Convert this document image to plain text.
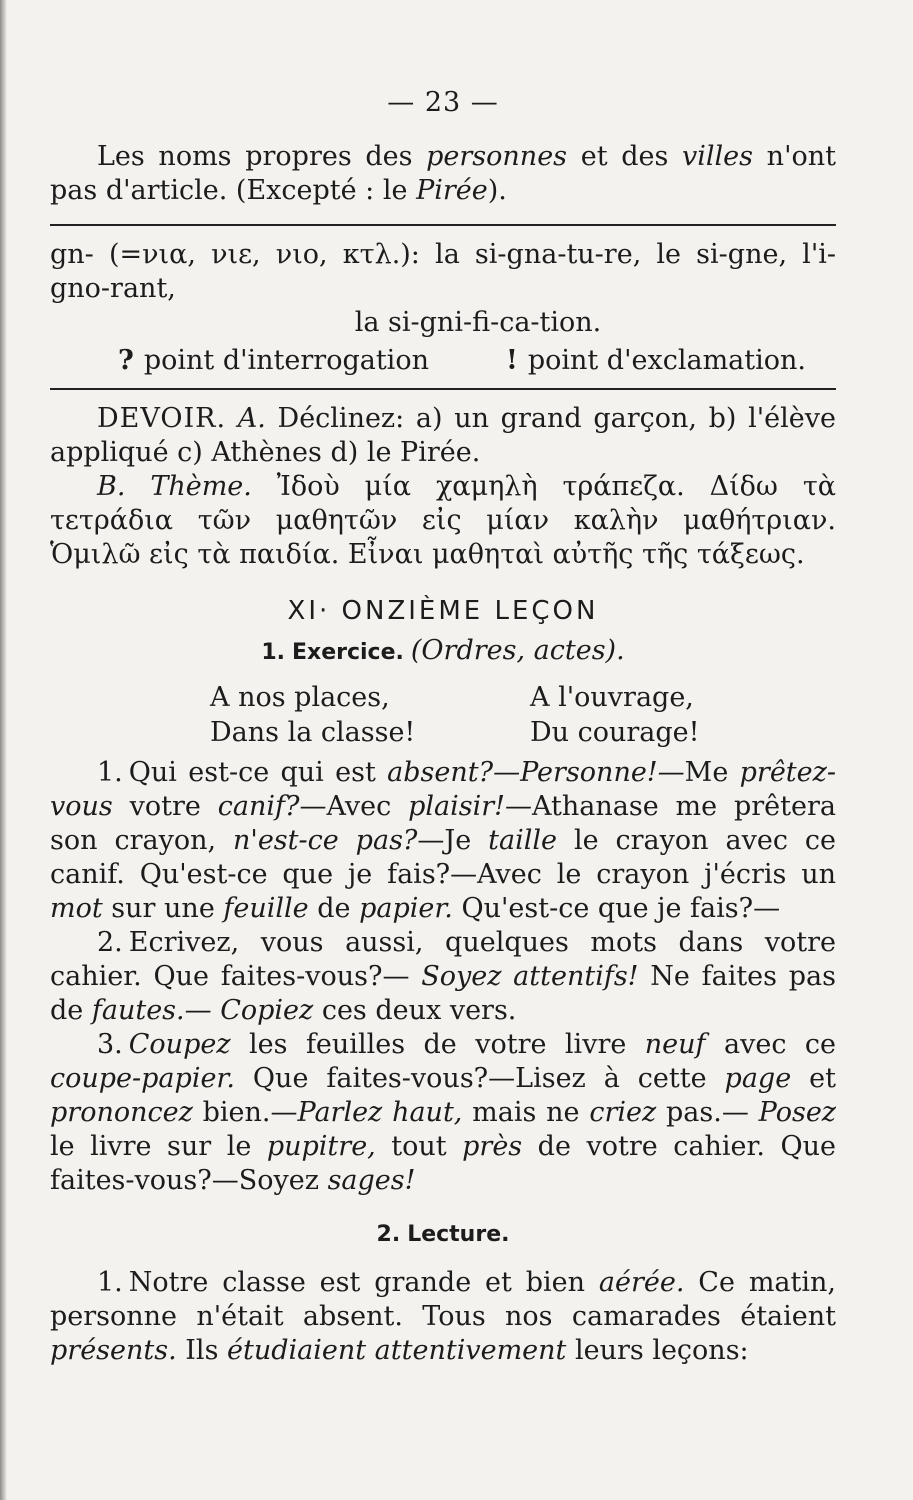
— 23 —

Les noms propres des personnes et des villes n'ont pas d'article. (Excepté : le Pirée).

gn- (=νια, νιε, νιο, κτλ.): la si-gna-tu-re, le si-gne, l'i-gno-rant,

la si-gni-fi-ca-tion.

? point d'interrogation	! point d'exclamation.

DEVOIR. A. Déclinez: a) un grand garçon, b) l'élève appliqué c) Athènes d) le Pirée.

B. Thème. Ἰδοὺ μία χαμηλὴ τράπεζα. Δίδω τὰ τετράδια τῶν μαθητῶν εἰς μίαν καλὴν μαθήτριαν. Ὁμιλῶ εἰς τὰ παιδία. Εἶναι μαθηταὶ αὐτῆς τῆς τάξεως.

XI· ONZIÈME LEÇON
1. Exercice. (Ordres, actes).
A nos places,	A l'ouvrage,
Dans la classe!	Du courage!

1. Qui est-ce qui est absent?—Personne!—Me prêtez-vous votre canif?—Avec plaisir!—Athanase me prêtera son crayon, n'est-ce pas?—Je taille le crayon avec ce canif. Qu'est-ce que je fais?—Avec le crayon j'écris un mot sur une feuille de papier. Qu'est-ce que je fais?—

2. Ecrivez, vous aussi, quelques mots dans votre cahier. Que faites-vous?— Soyez attentifs! Ne faites pas de fautes.— Copiez ces deux vers.

3. Coupez les feuilles de votre livre neuf avec ce coupe-papier. Que faites-vous?—Lisez à cette page et prononcez bien.—Parlez haut, mais ne criez pas.— Posez le livre sur le pupitre, tout près de votre cahier. Que faites-vous?—Soyez sages!

2. Lecture.

1. Notre classe est grande et bien aérée. Ce matin, personne n'était absent. Tous nos camarades étaient présents. Ils étudiaient attentivement leurs leçons:
